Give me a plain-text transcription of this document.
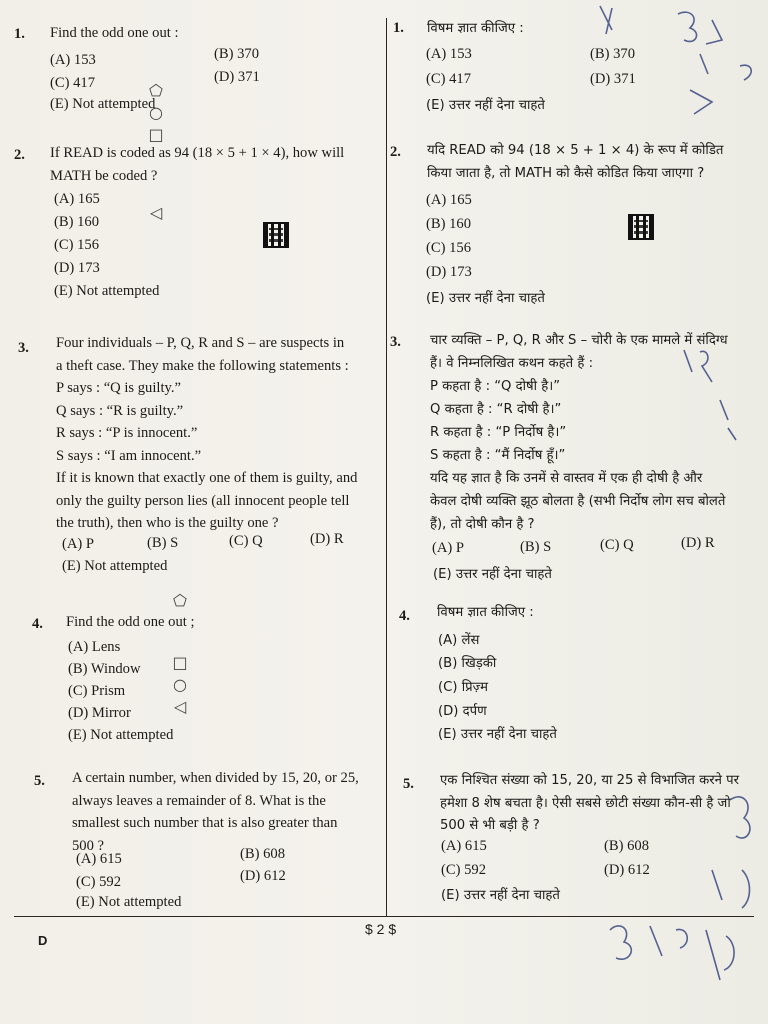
1. Find the odd one out :
(A) 153	(B) 370
(C) 417	(D) 371
(E) Not attempted
1. विषम ज्ञात कीजिए :
(A) 153	(B) 370
(C) 417	(D) 371
(E) उत्तर नहीं देना चाहते
2. If READ is coded as 94 (18 × 5 + 1 × 4), how will
MATH be coded ?
(A) 165
(B) 160
(C) 156
(D) 173
(E) Not attempted
2. यदि READ को 94 (18 × 5 + 1 × 4) के रूप में कोडित
किया जाता है, तो MATH को कैसे कोडित किया जाएगा ?
(A) 165
(B) 160
(C) 156
(D) 173
(E) उत्तर नहीं देना चाहते
3. Four individuals – P, Q, R and S – are suspects in
a theft case. They make the following statements :
P says : “Q is guilty.”
Q says : “R is guilty.”
R says : “P is innocent.”
S says : “I am innocent.”
If it is known that exactly one of them is guilty, and
only the guilty person lies (all innocent people tell
the truth), then who is the guilty one ?
(A) P	(B) S	(C) Q	(D) R
(E) Not attempted
3. चार व्यक्ति – P, Q, R और S – चोरी के एक मामले में संदिग्ध
हैं। वे निम्नलिखित कथन कहते हैं :
P कहता है : “Q दोषी है।”
Q कहता है : “R दोषी है।”
R कहता है : “P निर्दोष है।”
S कहता है : “मैं निर्दोष हूँ।”
यदि यह ज्ञात है कि उनमें से वास्तव में एक ही दोषी है और
केवल दोषी व्यक्ति झूठ बोलता है (सभी निर्दोष लोग सच बोलते
हैं), तो दोषी कौन है ?
(A) P	(B) S	(C) Q	(D) R
(E) उत्तर नहीं देना चाहते
4. Find the odd one out ;
(A) Lens
(B) Window
(C) Prism
(D) Mirror
(E) Not attempted
4. विषम ज्ञात कीजिए :
(A) लेंस
(B) खिड़की
(C) प्रिज़्म
(D) दर्पण
(E) उत्तर नहीं देना चाहते
5. A certain number, when divided by 15, 20, or 25,
always leaves a remainder of 8. What is the
smallest such number that is also greater than
500 ?
(A) 615	(B) 608
(C) 592	(D) 612
(E) Not attempted
5. एक निश्चित संख्या को 15, 20, या 25 से विभाजित करने पर
हमेशा 8 शेष बचता है। ऐसी सबसे छोटी संख्या कौन-सी है जो
500 से भी बड़ी है ?
(A) 615	(B) 608
(C) 592	(D) 612
(E) उत्तर नहीं देना चाहते
D
$ 2 $
⬠
○
□
◁
⬠
□
○
◁
